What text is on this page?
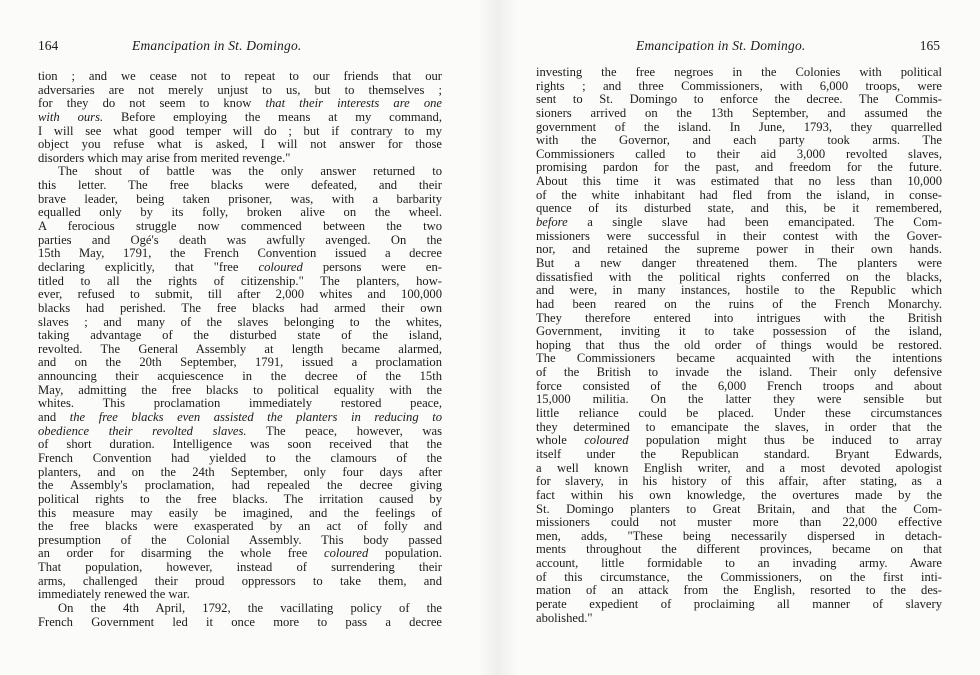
164	Emancipation in St. Domingo.
tion ; and we cease not to repeat to our friends that our
adversaries are not merely unjust to us, but to themselves ;
for they do not seem to know that their interests are one
with ours. Before employing the means at my command,
I will see what good temper will do ; but if contrary to my
object you refuse what is asked, I will not answer for those
disorders which may arise from merited revenge."
The shout of battle was the only answer returned to
this letter. The free blacks were defeated, and their
brave leader, being taken prisoner, was, with a barbarity
equalled only by its folly, broken alive on the wheel.
A ferocious struggle now commenced between the two
parties and Ogé's death was awfully avenged. On the
15th May, 1791, the French Convention issued a decree
declaring explicitly, that "free coloured persons were en-
titled to all the rights of citizenship." The planters, how-
ever, refused to submit, till after 2,000 whites and 100,000
blacks had perished. The free blacks had armed their own
slaves ; and many of the slaves belonging to the whites,
taking advantage of the disturbed state of the island,
revolted. The General Assembly at length became alarmed,
and on the 20th September, 1791, issued a proclamation
announcing their acquiescence in the decree of the 15th
May, admitting the free blacks to political equality with the
whites. This proclamation immediately restored peace,
and the free blacks even assisted the planters in reducing to
obedience their revolted slaves. The peace, however, was
of short duration. Intelligence was soon received that the
French Convention had yielded to the clamours of the
planters, and on the 24th September, only four days after
the Assembly's proclamation, had repealed the decree giving
political rights to the free blacks. The irritation caused by
this measure may easily be imagined, and the feelings of
the free blacks were exasperated by an act of folly and
presumption of the Colonial Assembly. This body passed
an order for disarming the whole free coloured population.
That population, however, instead of surrendering their
arms, challenged their proud oppressors to take them, and
immediately renewed the war.
On the 4th April, 1792, the vacillating policy of the
French Government led it once more to pass a decree
Emancipation in St. Domingo.	165
investing the free negroes in the Colonies with political
rights ; and three Commissioners, with 6,000 troops, were
sent to St. Domingo to enforce the decree. The Commis-
sioners arrived on the 13th September, and assumed the
government of the island. In June, 1793, they quarrelled
with the Governor, and each party took arms. The
Commissioners called to their aid 3,000 revolted slaves,
promising pardon for the past, and freedom for the future.
About this time it was estimated that no less than 10,000
of the white inhabitant had fled from the island, in conse-
quence of its disturbed state, and this, be it remembered,
before a single slave had been emancipated. The Com-
missioners were successful in their contest with the Gover-
nor, and retained the supreme power in their own hands.
But a new danger threatened them. The planters were
dissatisfied with the political rights conferred on the blacks,
and were, in many instances, hostile to the Republic which
had been reared on the ruins of the French Monarchy.
They therefore entered into intrigues with the British
Government, inviting it to take possession of the island,
hoping that thus the old order of things would be restored.
The Commissioners became acquainted with the intentions
of the British to invade the island. Their only defensive
force consisted of the 6,000 French troops and about
15,000 militia. On the latter they were sensible but
little reliance could be placed. Under these circumstances
they determined to emancipate the slaves, in order that the
whole coloured population might thus be induced to array
itself under the Republican standard. Bryant Edwards,
a well known English writer, and a most devoted apologist
for slavery, in his history of this affair, after stating, as a
fact within his own knowledge, the overtures made by the
St. Domingo planters to Great Britain, and that the Com-
missioners could not muster more than 22,000 effective
men, adds, "These being necessarily dispersed in detach-
ments throughout the different provinces, became on that
account, little formidable to an invading army. Aware
of this circumstance, the Commissioners, on the first inti-
mation of an attack from the English, resorted to the des-
perate expedient of proclaiming all manner of slavery
abolished."
